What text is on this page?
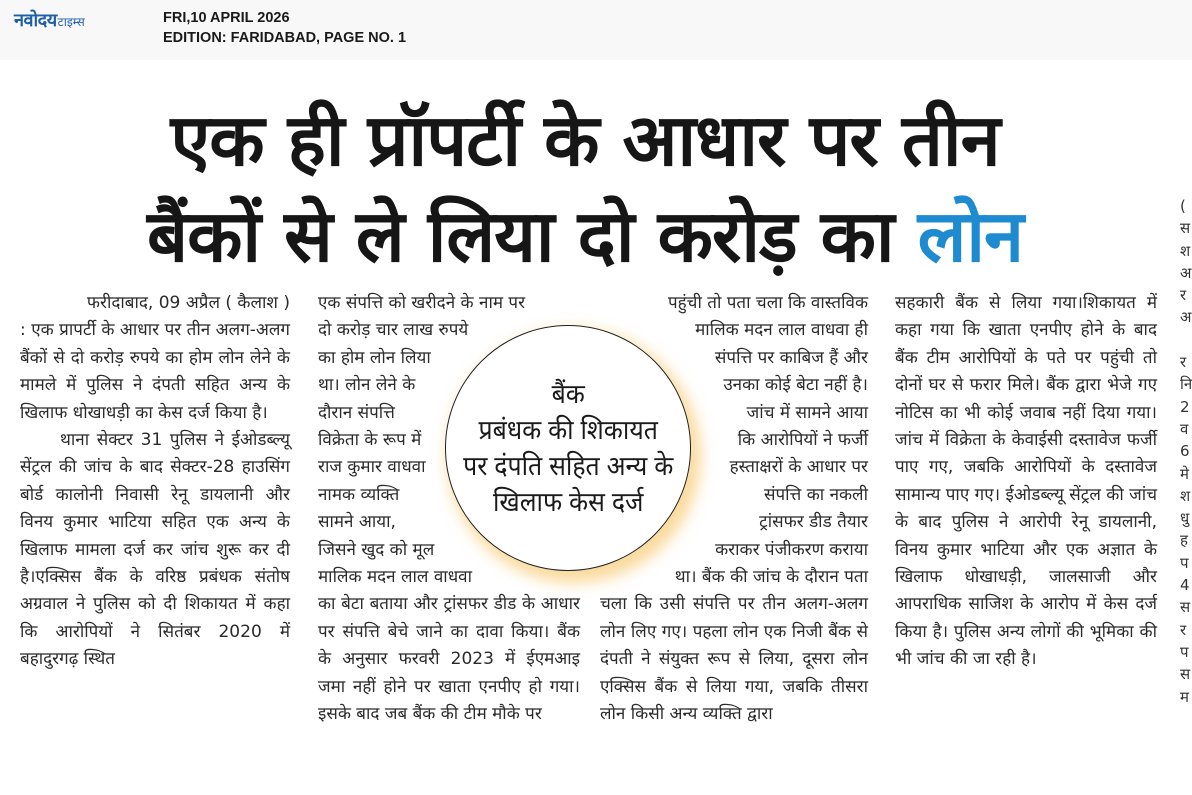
नवोदय टाइम्स	FRI,10 APRIL 2026
EDITION: FARIDABAD, PAGE NO. 1
एक ही प्रॉपर्टी के आधार पर तीन
बैंकों से ले लिया दो करोड़ का लोन

फरीदाबाद, 09 अप्रैल ( कैलाश )

: एक प्रापर्टी के आधार पर तीन अलग-अलग बैंकों से दो करोड़ रुपये का होम लोन लेने के मामले में पुलिस ने दंपती सहित अन्य के खिलाफ धोखाधड़ी का केस दर्ज किया है।

थाना सेक्टर 31 पुलिस ने ईओडब्ल्यू सेंट्रल की जांच के बाद सेक्टर-28 हाउसिंग बोर्ड कालोनी निवासी रेनू डायलानी और विनय कुमार भाटिया सहित एक अन्य के खिलाफ मामला दर्ज कर जांच शुरू कर दी है।एक्सिस बैंक के वरिष्ठ प्रबंधक संतोष अग्रवाल ने पुलिस को दी शिकायत में कहा कि आरोपियों ने सितंबर 2020 में बहादुरगढ़ स्थित

एक संपत्ति को खरीदने के नाम पर

दो करोड़ चार लाख रुपये

का होम लोन लिया

था। लोन लेने के

दौरान संपत्ति

विक्रेता के रूप में

राज कुमार वाधवा

नामक व्यक्ति

सामने आया,

जिसने खुद को मूल

मालिक मदन लाल वाधवा

का बेटा बताया और ट्रांसफर डीड के आधार पर संपत्ति बेचे जाने का दावा किया। बैंक के अनुसार फरवरी 2023 में ईएमआइ जमा नहीं होने पर खाता एनपीए हो गया। इसके बाद जब बैंक की टीम मौके पर

पहुंची तो पता चला कि वास्तविक

मालिक मदन लाल वाधवा ही

संपत्ति पर काबिज हैं और

उनका कोई बेटा नहीं है।

जांच में सामने आया

कि आरोपियों ने फर्जी

हस्ताक्षरों के आधार पर

संपत्ति का नकली

ट्रांसफर डीड तैयार

कराकर पंजीकरण कराया

था। बैंक की जांच के दौरान पता

चला कि उसी संपत्ति पर तीन अलग-अलग लोन लिए गए। पहला लोन एक निजी बैंक से दंपती ने संयुक्त रूप से लिया, दूसरा लोन एक्सिस बैंक से लिया गया, जबकि तीसरा लोन किसी अन्य व्यक्ति द्वारा

सहकारी बैंक से लिया गया।शिकायत में कहा गया कि खाता एनपीए होने के बाद बैंक टीम आरोपियों के पते पर पहुंची तो दोनों घर से फरार मिले। बैंक द्वारा भेजे गए नोटिस का भी कोई जवाब नहीं दिया गया। जांच में विक्रेता के केवाईसी दस्तावेज फर्जी पाए गए, जबकि आरोपियों के दस्तावेज सामान्य पाए गए। ईओडब्ल्यू सेंट्रल की जांच के बाद पुलिस ने आरोपी रेनू डायलानी, विनय कुमार भाटिया और एक अज्ञात के खिलाफ धोखाधड़ी, जालसाजी और आपराधिक साजिश के आरोप में केस दर्ज किया है। पुलिस अन्य लोगों की भूमिका की भी जांच की जा रही है।

बैंक
प्रबंधक की शिकायत
पर दंपति सहित अन्य के
खिलाफ केस दर्ज
(
स
श
अ
र
अ

र
नि
2
व
6
मे
श
धु
ह
प
4
स
र
प
स
म
